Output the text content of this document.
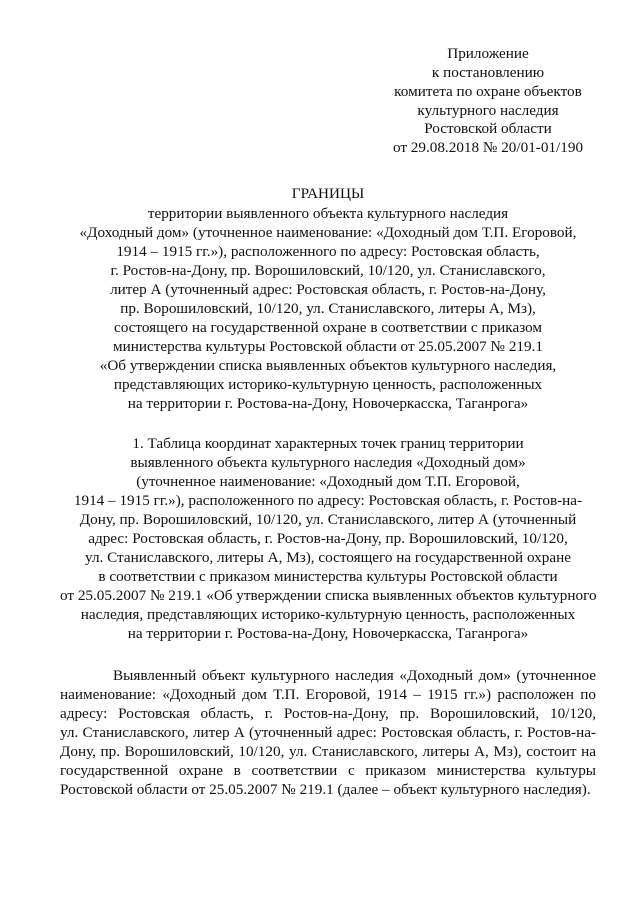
Приложение
к постановлению
комитета по охране объектов
культурного наследия
Ростовской области
от 29.08.2018 № 20/01-01/190
ГРАНИЦЫ
территории выявленного объекта культурного наследия
«Доходный дом» (уточненное наименование: «Доходный дом Т.П. Егоровой,
1914 – 1915 гг.»), расположенного по адресу: Ростовская область,
г. Ростов-на-Дону, пр. Ворошиловский, 10/120, ул. Станиславского,
литер А (уточненный адрес: Ростовская область, г. Ростов-на-Дону,
пр. Ворошиловский, 10/120, ул. Станиславского, литеры А, Мз),
состоящего на государственной охране в соответствии с приказом
министерства культуры Ростовской области от 25.05.2007 № 219.1
«Об утверждении списка выявленных объектов культурного наследия,
представляющих историко-культурную ценность, расположенных
на территории г. Ростова-на-Дону, Новочеркасска, Таганрога»
1. Таблица координат характерных точек границ территории
выявленного объекта культурного наследия «Доходный дом»
(уточненное наименование: «Доходный дом Т.П. Егоровой,
1914 – 1915 гг.»), расположенного по адресу: Ростовская область, г. Ростов-на-
Дону, пр. Ворошиловский, 10/120, ул. Станиславского, литер А (уточненный
адрес: Ростовская область, г. Ростов-на-Дону, пр. Ворошиловский, 10/120,
ул. Станиславского, литеры А, Мз), состоящего на государственной охране
в соответствии с приказом министерства культуры Ростовской области
от 25.05.2007 № 219.1 «Об утверждении списка выявленных объектов культурного
наследия, представляющих историко-культурную ценность, расположенных
на территории г. Ростова-на-Дону, Новочеркасска, Таганрога»
Выявленный объект культурного наследия «Доходный дом» (уточненное
наименование: «Доходный дом Т.П. Егоровой, 1914 – 1915 гг.») расположен по
адресу: Ростовская область, г. Ростов-на-Дону, пр. Ворошиловский, 10/120,
ул. Станиславского, литер А (уточненный адрес: Ростовская область, г. Ростов-на-
Дону, пр. Ворошиловский, 10/120, ул. Станиславского, литеры А, Мз), состоит на
государственной охране в соответствии с приказом министерства культуры
Ростовской области от 25.05.2007 № 219.1 (далее – объект культурного наследия).
